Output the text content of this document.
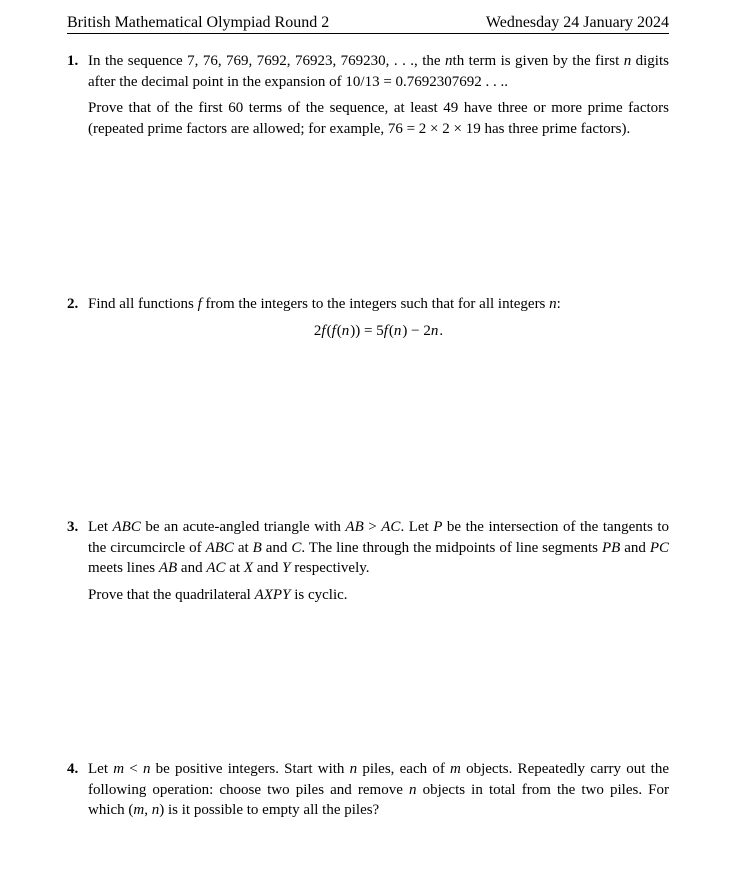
British Mathematical Olympiad Round 2	Wednesday 24 January 2024
1. In the sequence 7, 76, 769, 7692, 76923, 769230, . . ., the nth term is given by the first n digits after the decimal point in the expansion of 10/13 = 0.7692307692 . . ..

Prove that of the first 60 terms of the sequence, at least 49 have three or more prime factors (repeated prime factors are allowed; for example, 76 = 2 × 2 × 19 has three prime factors).

2. Find all functions f from the integers to the integers such that for all integers n:

2f(f(n)) = 5f(n) − 2n.

3. Let ABC be an acute-angled triangle with AB > AC. Let P be the intersection of the tangents to the circumcircle of ABC at B and C. The line through the midpoints of line segments PB and PC meets lines AB and AC at X and Y respectively.

Prove that the quadrilateral AXPY is cyclic.

4. Let m < n be positive integers. Start with n piles, each of m objects. Repeatedly carry out the following operation: choose two piles and remove n objects in total from the two piles. For which (m, n) is it possible to empty all the piles?
